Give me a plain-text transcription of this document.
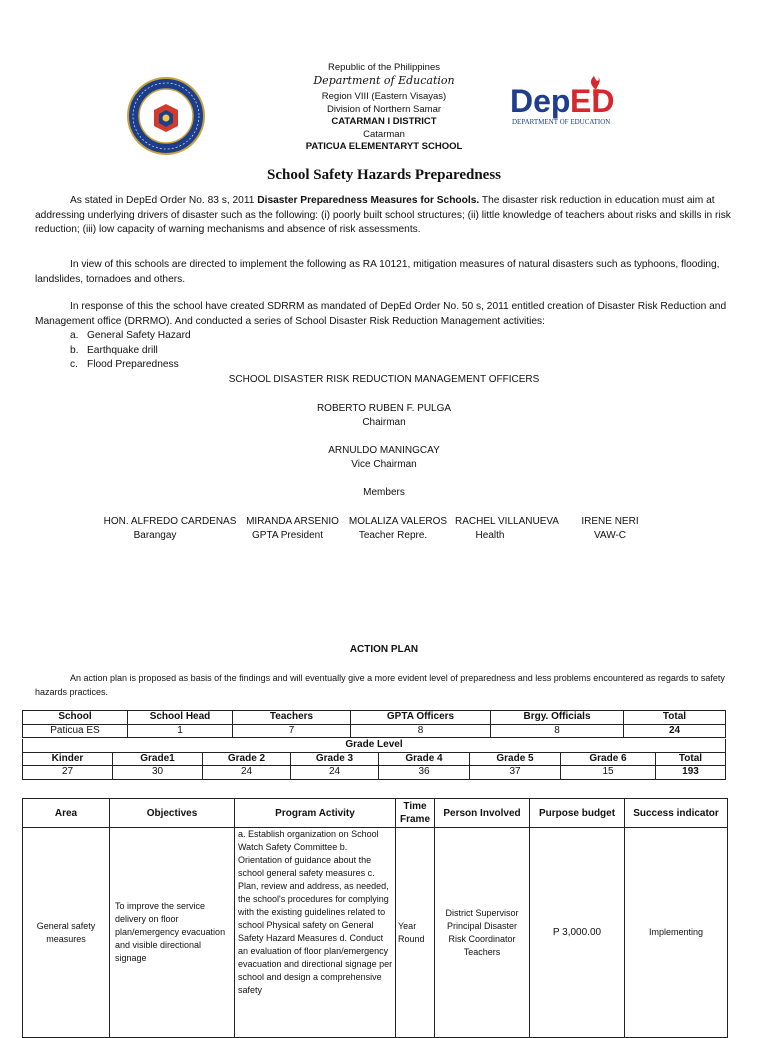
Dep ED
DEPARTMENT OF EDUCATION
Republic of the Philippines
Department of Education
Region VIII (Eastern Visayas)
Division of Northern Samar
CATARMAN I DISTRICT
Catarman
PATICUA ELEMENTARYT SCHOOL
School Safety Hazards Preparedness
As stated in DepEd Order No. 83 s, 2011 Disaster Preparedness Measures for Schools. The disaster risk reduction in education must aim at addressing underlying drivers of disaster such as the following: (i) poorly built school structures; (ii) little knowledge of teachers about risks and skills in risk reduction; (iii) low capacity of warning mechanisms and absence of risk assessments.
In view of this schools are directed to implement the following as RA 10121, mitigation measures of natural disasters such as typhoons, flooding, landslides, tornadoes and others.
In response of this the school have created SDRRM as mandated of DepEd Order No. 50 s, 2011 entitled creation of Disaster Risk Reduction and Management office (DRRMO). And conducted a series of School Disaster Risk Reduction Management activities:
a. General Safety Hazard
b. Earthquake drill
c. Flood Preparedness
SCHOOL DISASTER RISK REDUCTION MANAGEMENT OFFICERS
ROBERTO RUBEN F. PULGA
Chairman
ARNULDO MANINGCAY
Vice Chairman
Members
HON. ALFREDO CARDENAS
Barangay
MIRANDA ARSENIO
GPTA President
MOLALIZA VALEROS
Teacher Repre.
RACHEL VILLANUEVA
Health
IRENE NERI
VAW-C
ACTION PLAN
An action plan is proposed as basis of the findings and will eventually give a more evident level of preparedness and less problems encountered as regards to safety hazards practices.
School	School Head	Teachers	GPTA Officers	Brgy. Officials	Total
Paticua ES	1	7	8	8	24
Grade Level							
Kinder	Grade1	Grade 2	Grade 3	Grade 4	Grade 5	Grade 6	Total
27	30	24	24	36	37	15	193
Area	Objectives	Program Activity	Time Frame	Person Involved	Purpose budget	Success indicator
General safety measures	To improve the service delivery on floor plan/emergency evacuation and visible directional signage	a. Establish organization on School Watch Safety Committee b. Orientation of guidance about the school general safety measures c. Plan, review and address, as needed, the school's procedures for complying with the existing guidelines related to school Physical safety on General Safety Hazard Measures d. Conduct an evaluation of floor plan/emergency evacuation and directional signage per school and design a comprehensive safety	Year Round	District Supervisor Principal Disaster Risk Coordinator Teachers	P 3,000.00	Implementing
